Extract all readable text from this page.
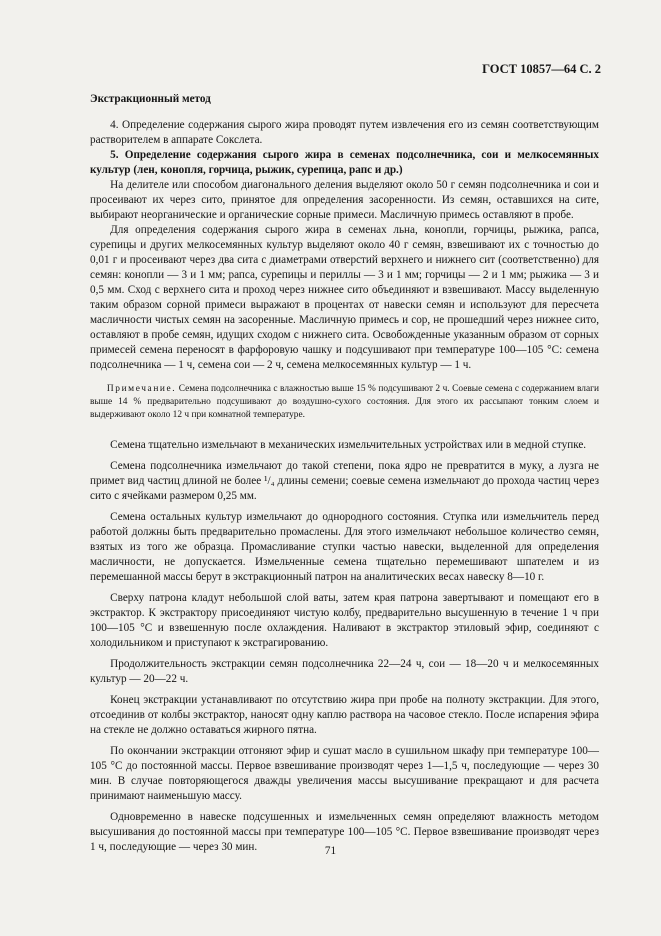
ГОСТ 10857—64 С. 2

Экстракционный метод

4. Определение содержания сырого жира проводят путем извлечения его из семян соответствующим растворителем в аппарате Сокслета.

5. Определение содержания сырого жира в семенах подсолнечника, сои и мелкосемянных культур (лен, конопля, горчица, рыжик, сурепица, рапс и др.)

На делителе или способом диагонального деления выделяют около 50 г семян подсолнечника и сои и просеивают их через сито, принятое для определения засоренности. Из семян, оставшихся на сите, выбирают неорганические и органические сорные примеси. Масличную примесь оставляют в пробе.

Для определения содержания сырого жира в семенах льна, конопли, горчицы, рыжика, рапса, сурепицы и других мелкосемянных культур выделяют около 40 г семян, взвешивают их с точностью до 0,01 г и просеивают через два сита с диаметрами отверстий верхнего и нижнего сит (соответственно) для семян: конопли — 3 и 1 мм; рапса, сурепицы и периллы — 3 и 1 мм; горчицы — 2 и 1 мм; рыжика — 3 и 0,5 мм. Сход с верхнего сита и проход через нижнее сито объединяют и взвешивают. Массу выделенную таким образом сорной примеси выражают в процентах от навески семян и используют для пересчета масличности чистых семян на засоренные. Масличную примесь и сор, не прошедший через нижнее сито, оставляют в пробе семян, идущих сходом с нижнего сита. Освобожденные указанным образом от сорных примесей семена переносят в фарфоровую чашку и подсушивают при температуре 100—105 °С: семена подсолнечника — 1 ч, семена сои — 2 ч, семена мелкосемянных культур — 1 ч.

Примечание. Семена подсолнечника с влажностью выше 15 % подсушивают 2 ч. Соевые семена с содержанием влаги выше 14 % предварительно подсушивают до воздушно-сухого состояния. Для этого их рассыпают тонким слоем и выдерживают около 12 ч при комнатной температуре.

Семена тщательно измельчают в механических измельчительных устройствах или в медной ступке.

Семена подсолнечника измельчают до такой степени, пока ядро не превратится в муку, а лузга не примет вид частиц длиной не более ¹/₄ длины семени; соевые семена измельчают до прохода частиц через сито с ячейками размером 0,25 мм.

Семена остальных культур измельчают до однородного состояния. Ступка или измельчитель перед работой должны быть предварительно промаслены. Для этого измельчают небольшое количество семян, взятых из того же образца. Промасливание ступки частью навески, выделенной для определения масличности, не допускается. Измельченные семена тщательно перемешивают шпателем и из перемешанной массы берут в экстракционный патрон на аналитических весах навеску 8—10 г.

Сверху патрона кладут небольшой слой ваты, затем края патрона завертывают и помещают его в экстрактор. К экстрактору присоединяют чистую колбу, предварительно высушенную в течение 1 ч при 100—105 °С и взвешенную после охлаждения. Наливают в экстрактор этиловый эфир, соединяют с холодильником и приступают к экстрагированию.

Продолжительность экстракции семян подсолнечника 22—24 ч, сои — 18—20 ч и мелкосемянных культур — 20—22 ч.

Конец экстракции устанавливают по отсутствию жира при пробе на полноту экстракции. Для этого, отсоединив от колбы экстрактор, наносят одну каплю раствора на часовое стекло. После испарения эфира на стекле не должно оставаться жирного пятна.

По окончании экстракции отгоняют эфир и сушат масло в сушильном шкафу при температуре 100—105 °С до постоянной массы. Первое взвешивание производят через 1—1,5 ч, последующие — через 30 мин. В случае повторяющегося дважды увеличения массы высушивание прекращают и для расчета принимают наименьшую массу.

Одновременно в навеске подсушенных и измельченных семян определяют влажность методом высушивания до постоянной массы при температуре 100—105 °С. Первое взвешивание производят через 1 ч, последующие — через 30 мин.	71
